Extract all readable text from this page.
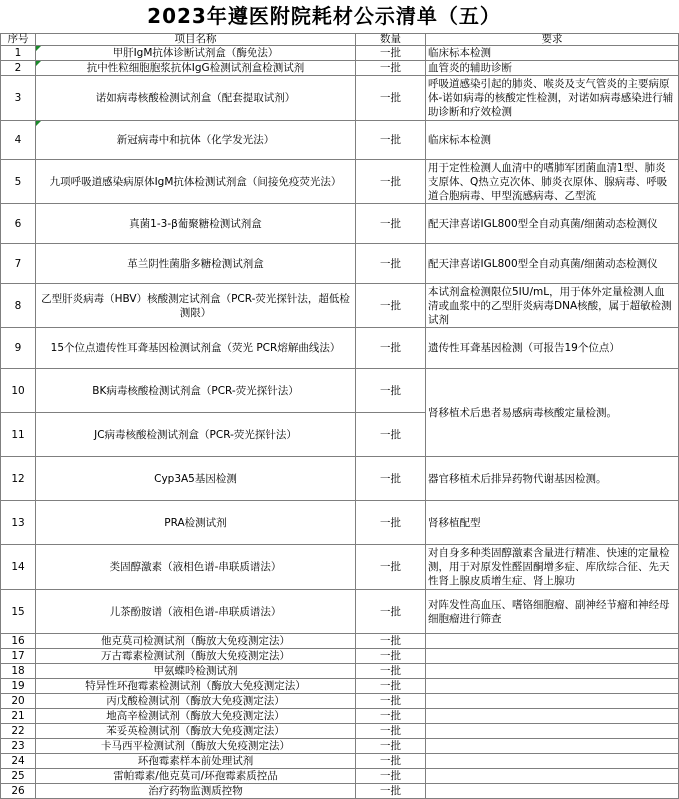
2023年遵医附院耗材公示清单（五）
序号	项目名称	数量	要求
1	甲肝IgM抗体诊断试剂盒（酶免法）	一批	临床标本检测
2	抗中性粒细胞胞浆抗体IgG检测试剂盒检测试剂	一批	血管炎的辅助诊断
3	诺如病毒核酸检测试剂盒（配套提取试剂）	一批	呼吸道感染引起的肺炎、喉炎及支气管炎的主要病原体-诺如病毒的核酸定性检测，对诺如病毒感染进行辅助诊断和疗效检测

4	新冠病毒中和抗体（化学发光法）	一批	临床标本检测
5	九项呼吸道感染病原体IgM抗体检测试剂盒（间接免疫荧光法）	一批	用于定性检测人血清中的嗜肺军团菌血清1型、肺炎支原体、Q热立克次体、肺炎衣原体、腺病毒、呼吸道合胞病毒、甲型流感病毒、乙型流

6	真菌1-3-β葡聚糖检测试剂盒	一批	配天津喜诺IGL800型全自动真菌/细菌动态检测仪
7	革兰阴性菌脂多糖检测试剂盒	一批	配天津喜诺IGL800型全自动真菌/细菌动态检测仪
8	乙型肝炎病毒（HBV）核酸测定试剂盒（PCR-荧光探针法，超低检测限）	一批	本试剂盒检测限位5IU/mL，用于体外定量检测人血清或血浆中的乙型肝炎病毒DNA核酸，属于超敏检测试剂

9	15个位点遗传性耳聋基因检测试剂盒（荧光 PCR熔解曲线法）	一批	遗传性耳聋基因检测（可报告19个位点）
10	BK病毒核酸检测试剂盒（PCR-荧光探针法）	一批	肾移植术后患者易感病毒核酸定量检测。
11	JC病毒核酸检测试剂盒（PCR-荧光探针法）	一批	
12	Cyp3A5基因检测	一批	器官移植术后排异药物代谢基因检测。
13	PRA检测试剂	一批	肾移植配型
14	类固醇激素（液相色谱-串联质谱法）	一批	对自身多种类固醇激素含量进行精准、快速的定量检测，用于对原发性醛固酮增多症、库欣综合征、先天性肾上腺皮质增生症、肾上腺功

15	儿茶酚胺谱（液相色谱-串联质谱法）	一批	对阵发性高血压、嗜铬细胞瘤、副神经节瘤和神经母细胞瘤进行筛查
16	他克莫司检测试剂（酶放大免疫测定法）	一批	
17	万古霉素检测试剂（酶放大免疫测定法）	一批	
18	甲氨蝶呤检测试剂	一批	
19	特异性环孢霉素检测试剂（酶放大免疫测定法）	一批	
20	丙戊酸检测试剂（酶放大免疫测定法）	一批	
21	地高辛检测试剂（酶放大免疫测定法）	一批	
22	苯妥英检测试剂（酶放大免疫测定法）	一批	
23	卡马西平检测试剂（酶放大免疫测定法）	一批	
24	环孢霉素样本前处理试剂	一批	
25	雷帕霉素/他克莫司/环孢霉素质控品	一批	
26	治疗药物监测质控物	一批	
